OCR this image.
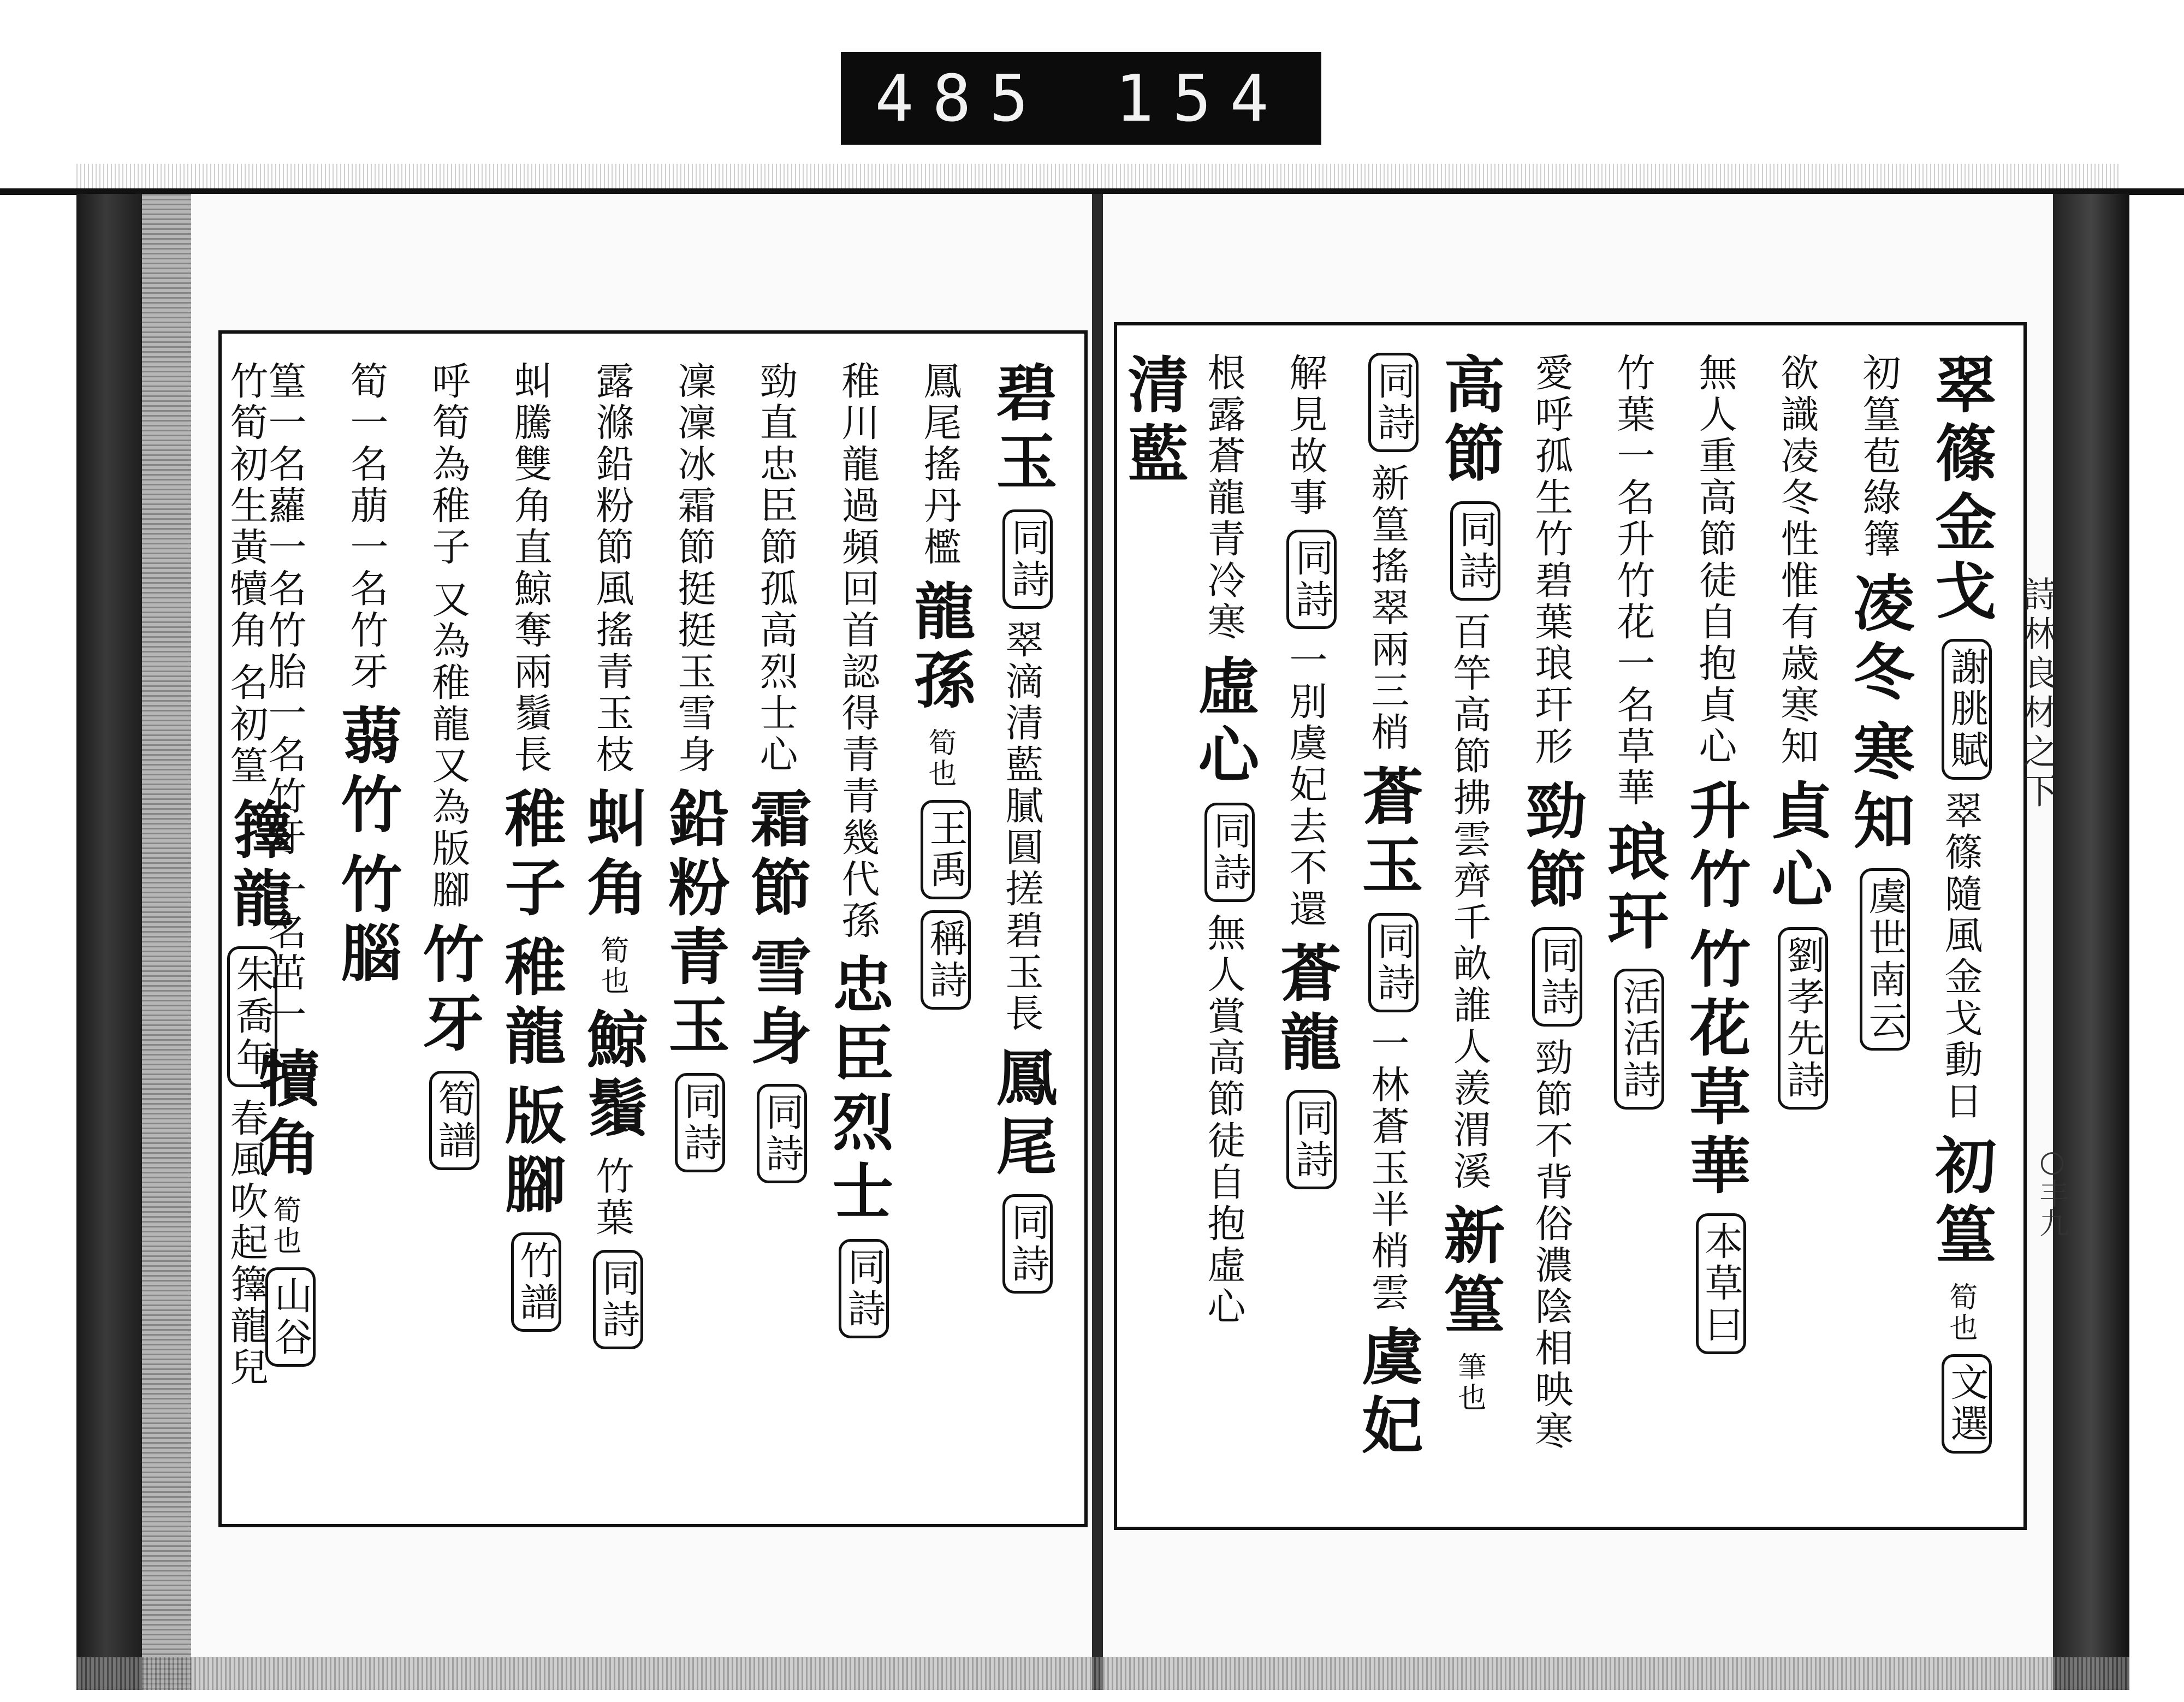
485 154
碧玉
同詩
翠滴清藍膩圓搓碧玉長
鳳尾
同詩
鳳尾搖丹檻
龍孫
筍也
王禹
稱詩
稚川龍過頻回首認得青青幾代孫
忠臣烈士
同詩
勁直忠臣節孤高烈士心
霜節
雪身
同詩
凜凜冰霜節挺挺玉雪身
鉛粉青玉
同詩
露滌鉛粉節風搖青玉枝
虯角
筍也
鯨鬚
竹葉
同詩
虯騰雙角直鯨奪兩鬚長
稚子
稚龍
版腳
竹譜
呼筍為稚子
又為稚龍又為版腳
竹牙
筍譜
筍一名萠一名竹牙
蒻竹
竹腦
篁一名蘿一名竹胎一名竹牙
一名茁一
犢角
筍也
山谷
竹筍初生黃犢角
名初篁
籜龍
朱喬年
春風吹起籜龍兒
翠篠金戈
謝朓賦
翠篠隨風金戈動日
初篁
筍也
文選
初篁苞綠籜
凌冬
寒知
虞世南云
欲識凌冬性惟有歳寒知
貞心
劉孝先詩
無人重高節徒自抱貞心
升竹
竹花草華
本草曰
竹葉一名升竹花一名草華
琅玕
活活詩
愛呼孤生竹碧葉琅玕形
勁節
同詩
勁節不背俗濃陰相映寒
高節
同詩
百竿高節拂雲齊千畝誰人羨渭溪
新篁
筆也
同詩
新篁搖翠兩三梢
蒼玉
同詩
一林蒼玉半梢雲
虞妃
解見故事
同詩
一別虞妃去不還
蒼龍
同詩
根露蒼龍青冷寒
虛心
同詩
無人賞高節徒自抱虛心
清藍
詩林良材之下
○丰九
